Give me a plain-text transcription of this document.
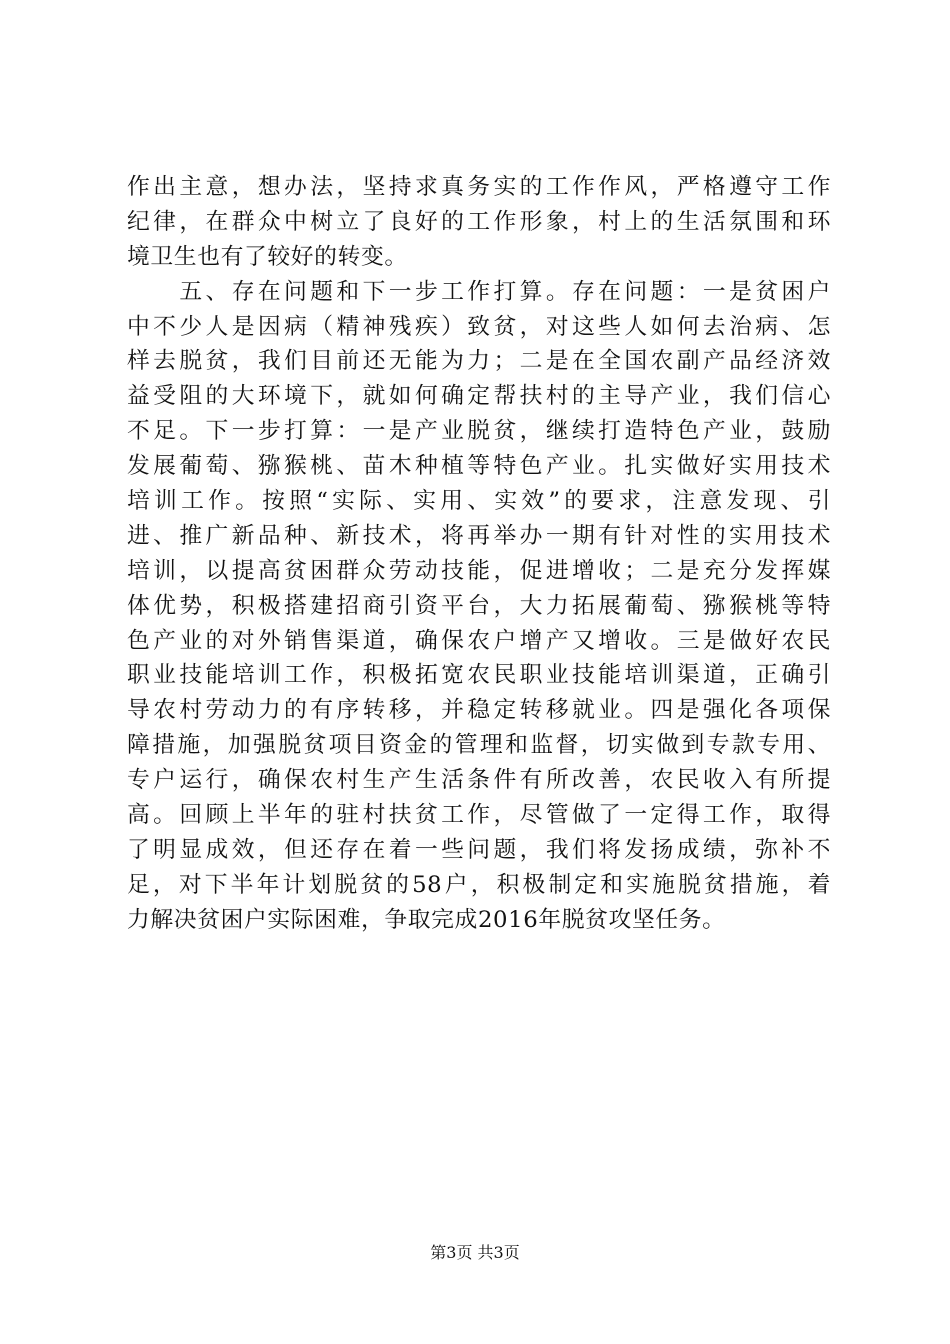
作出主意，想办法，坚持求真务实的工作作风，严格遵守工作
纪律，在群众中树立了良好的工作形象，村上的生活氛围和环
境卫生也有了较好的转变。
　　五、存在问题和下一步工作打算。存在问题：一是贫困户
中不少人是因病（精神残疾）致贫，对这些人如何去治病、怎
样去脱贫，我们目前还无能为力；二是在全国农副产品经济效
益受阻的大环境下，就如何确定帮扶村的主导产业，我们信心
不足。下一步打算：一是产业脱贫，继续打造特色产业，鼓励
发展葡萄、猕猴桃、苗木种植等特色产业。扎实做好实用技术
培训工作。按照“实际、实用、实效”的要求，注意发现、引
进、推广新品种、新技术，将再举办一期有针对性的实用技术
培训，以提高贫困群众劳动技能，促进增收；二是充分发挥媒
体优势，积极搭建招商引资平台，大力拓展葡萄、猕猴桃等特
色产业的对外销售渠道，确保农户增产又增收。三是做好农民
职业技能培训工作，积极拓宽农民职业技能培训渠道，正确引
导农村劳动力的有序转移，并稳定转移就业。四是强化各项保
障措施，加强脱贫项目资金的管理和监督，切实做到专款专用、
专户运行，确保农村生产生活条件有所改善，农民收入有所提
高。回顾上半年的驻村扶贫工作，尽管做了一定得工作，取得
了明显成效，但还存在着一些问题，我们将发扬成绩，弥补不
足，对下半年计划脱贫的58户，积极制定和实施脱贫措施，着
力解决贫困户实际困难，争取完成2016年脱贫攻坚任务。
第3页 共3页
